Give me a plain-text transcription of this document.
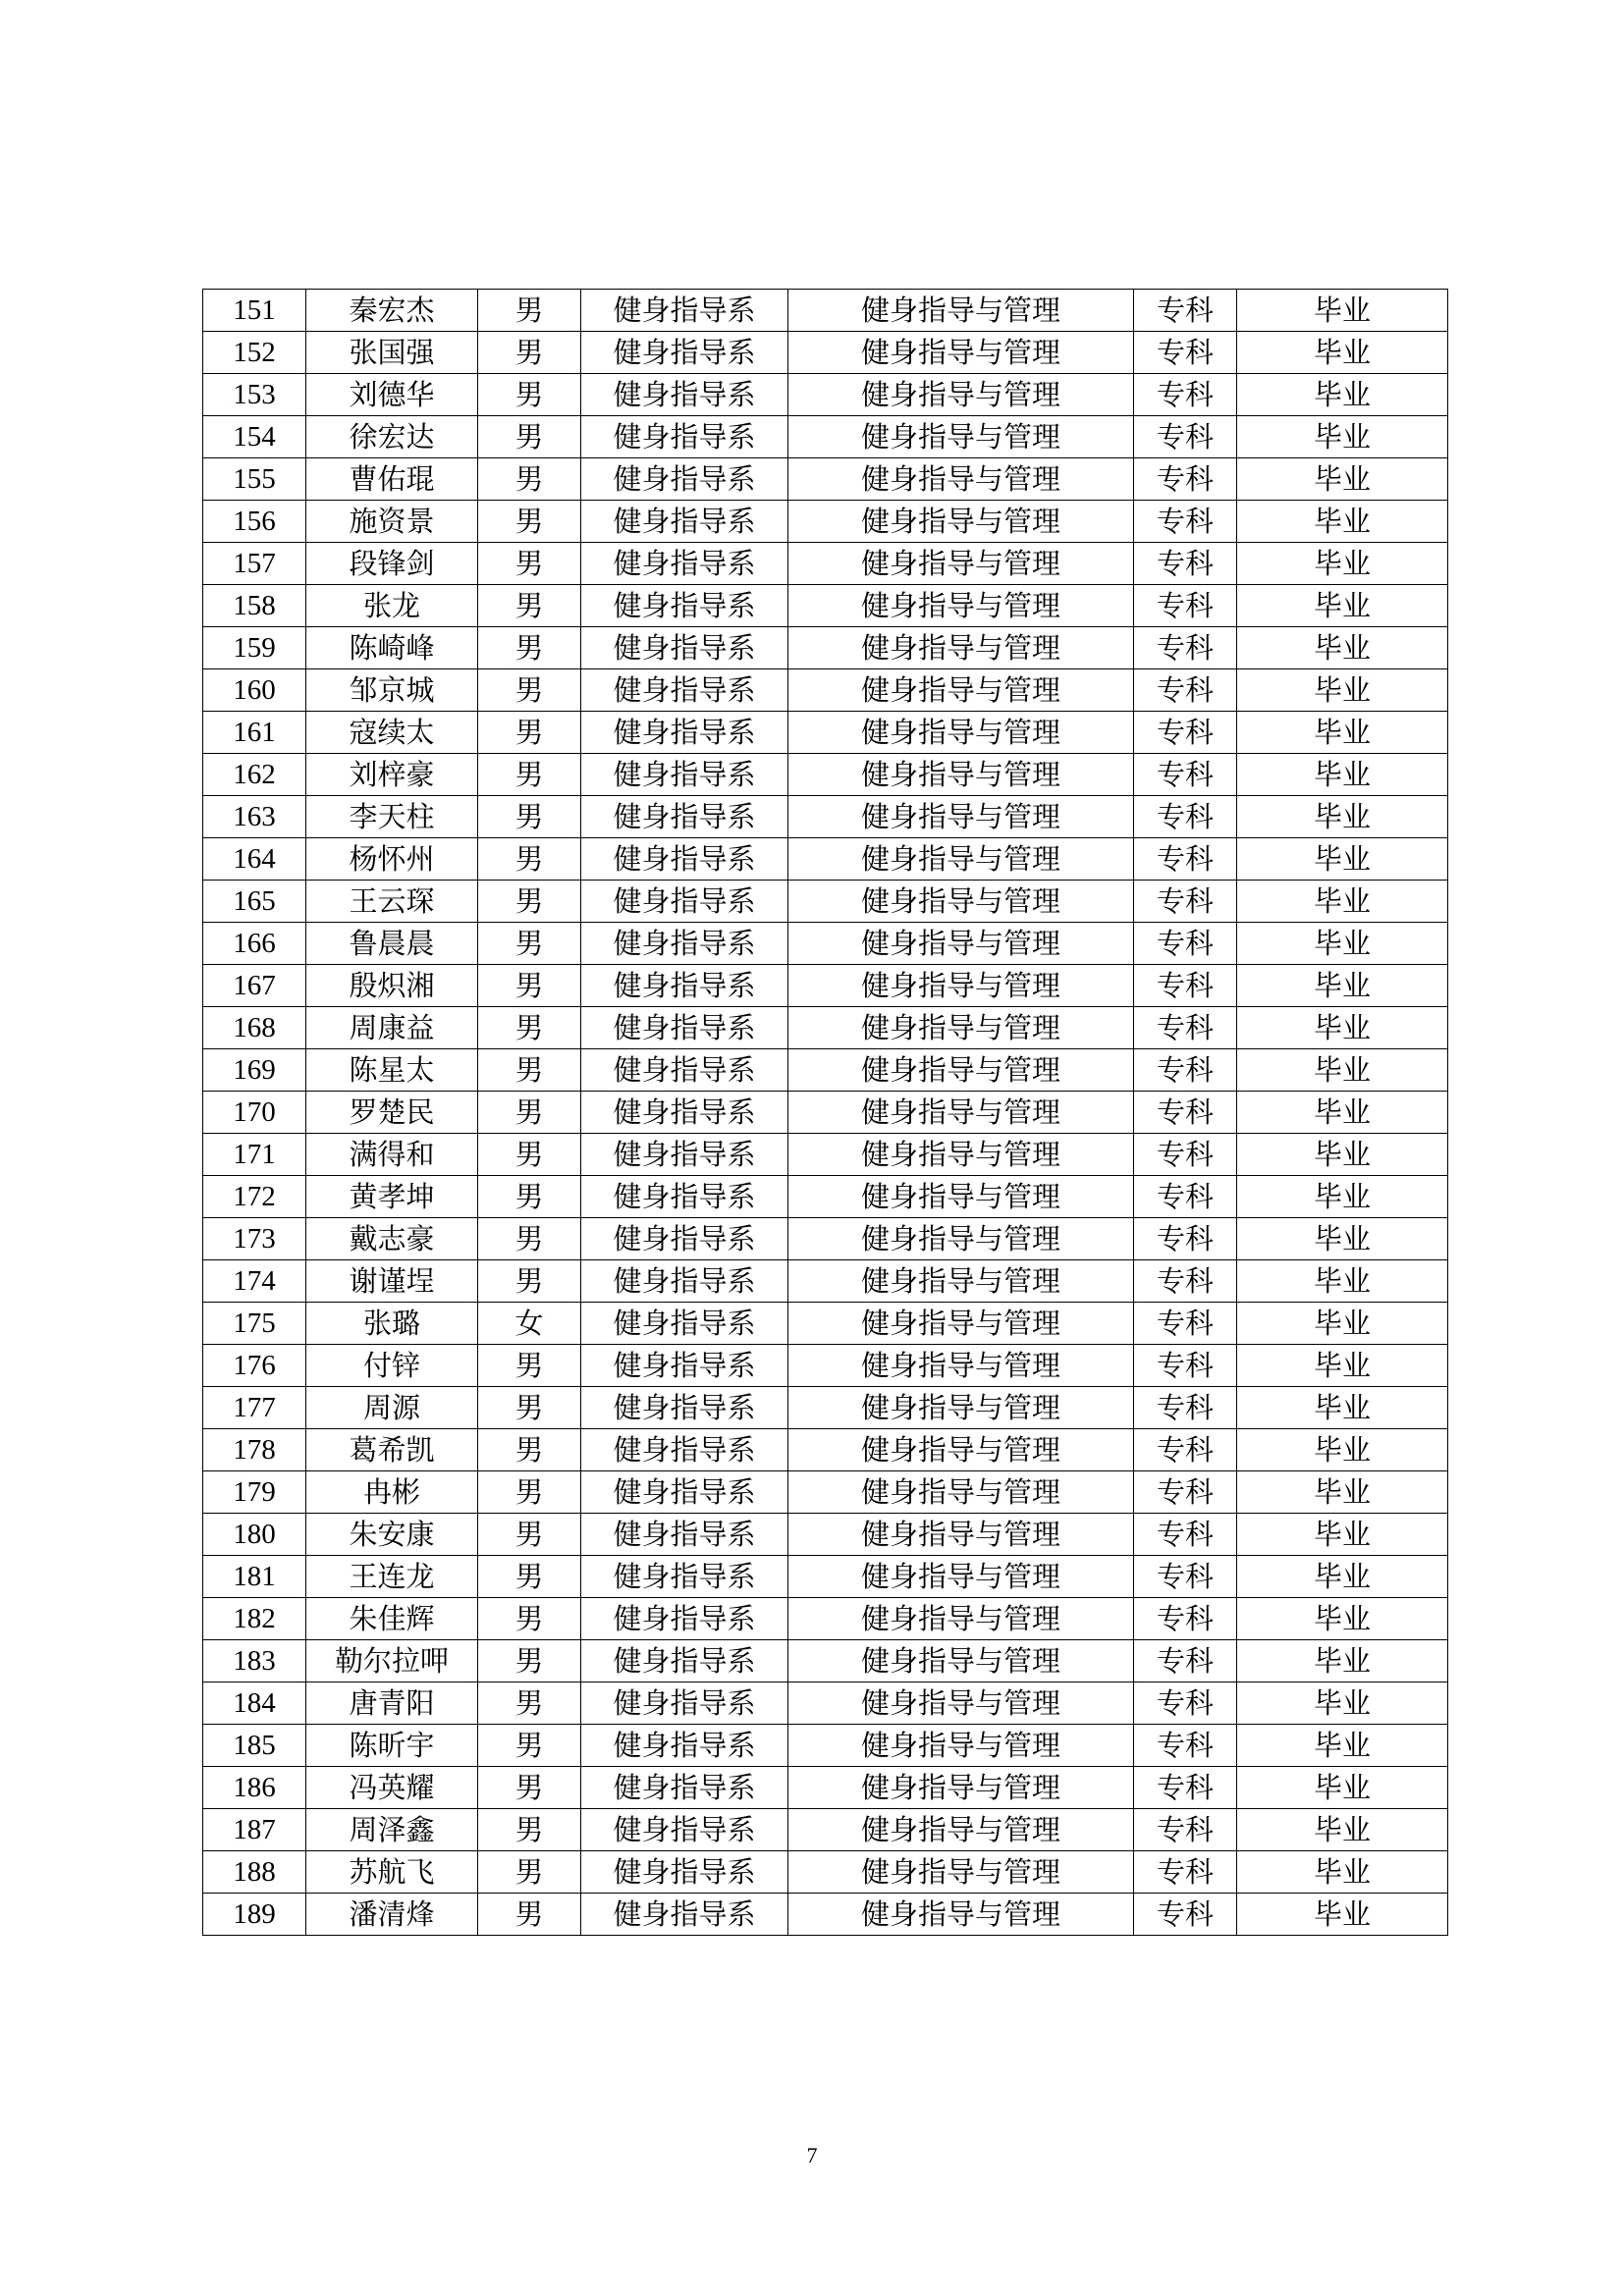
151	秦宏杰	男	健身指导系	健身指导与管理	专科	毕业
152	张国强	男	健身指导系	健身指导与管理	专科	毕业
153	刘德华	男	健身指导系	健身指导与管理	专科	毕业
154	徐宏达	男	健身指导系	健身指导与管理	专科	毕业
155	曹佑琨	男	健身指导系	健身指导与管理	专科	毕业
156	施资景	男	健身指导系	健身指导与管理	专科	毕业
157	段锋剑	男	健身指导系	健身指导与管理	专科	毕业
158	张龙	男	健身指导系	健身指导与管理	专科	毕业
159	陈崎峰	男	健身指导系	健身指导与管理	专科	毕业
160	邹京城	男	健身指导系	健身指导与管理	专科	毕业
161	寇续太	男	健身指导系	健身指导与管理	专科	毕业
162	刘梓豪	男	健身指导系	健身指导与管理	专科	毕业
163	李天柱	男	健身指导系	健身指导与管理	专科	毕业
164	杨怀州	男	健身指导系	健身指导与管理	专科	毕业
165	王云琛	男	健身指导系	健身指导与管理	专科	毕业
166	鲁晨晨	男	健身指导系	健身指导与管理	专科	毕业
167	殷炽湘	男	健身指导系	健身指导与管理	专科	毕业
168	周康益	男	健身指导系	健身指导与管理	专科	毕业
169	陈星太	男	健身指导系	健身指导与管理	专科	毕业
170	罗楚民	男	健身指导系	健身指导与管理	专科	毕业
171	满得和	男	健身指导系	健身指导与管理	专科	毕业
172	黄孝坤	男	健身指导系	健身指导与管理	专科	毕业
173	戴志豪	男	健身指导系	健身指导与管理	专科	毕业
174	谢谨埕	男	健身指导系	健身指导与管理	专科	毕业
175	张璐	女	健身指导系	健身指导与管理	专科	毕业
176	付锌	男	健身指导系	健身指导与管理	专科	毕业
177	周源	男	健身指导系	健身指导与管理	专科	毕业
178	葛希凯	男	健身指导系	健身指导与管理	专科	毕业
179	冉彬	男	健身指导系	健身指导与管理	专科	毕业
180	朱安康	男	健身指导系	健身指导与管理	专科	毕业
181	王连龙	男	健身指导系	健身指导与管理	专科	毕业
182	朱佳辉	男	健身指导系	健身指导与管理	专科	毕业
183	勒尔拉呷	男	健身指导系	健身指导与管理	专科	毕业
184	唐青阳	男	健身指导系	健身指导与管理	专科	毕业
185	陈昕宇	男	健身指导系	健身指导与管理	专科	毕业
186	冯英耀	男	健身指导系	健身指导与管理	专科	毕业
187	周泽鑫	男	健身指导系	健身指导与管理	专科	毕业
188	苏航飞	男	健身指导系	健身指导与管理	专科	毕业
189	潘清烽	男	健身指导系	健身指导与管理	专科	毕业
7
